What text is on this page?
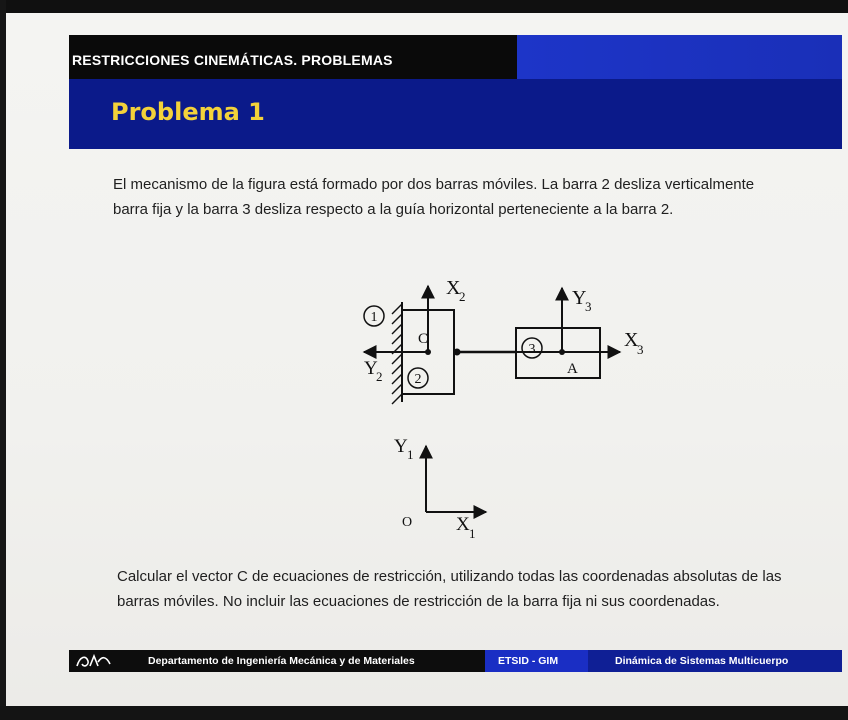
RESTRICCIONES CINEMÁTICAS. PROBLEMAS
Problema 1
El mecanismo de la figura está formado por dos barras móviles. La barra 2 desliza verticalmente
barra fija y la barra 3 desliza respecto a la guía horizontal perteneciente a la barra 2.
1
2
3
C
A
X
2
Y
2
Y
3
X
3
Y 1
O X 1
Calcular el vector C de ecuaciones de restricción, utilizando todas las coordenadas absolutas de las
barras móviles. No incluir las ecuaciones de restricción de la barra fija ni sus coordenadas.
Departamento de Ingeniería Mecánica y de Materiales	ETSID - GIM	Dinámica de Sistemas Multicuerpo
